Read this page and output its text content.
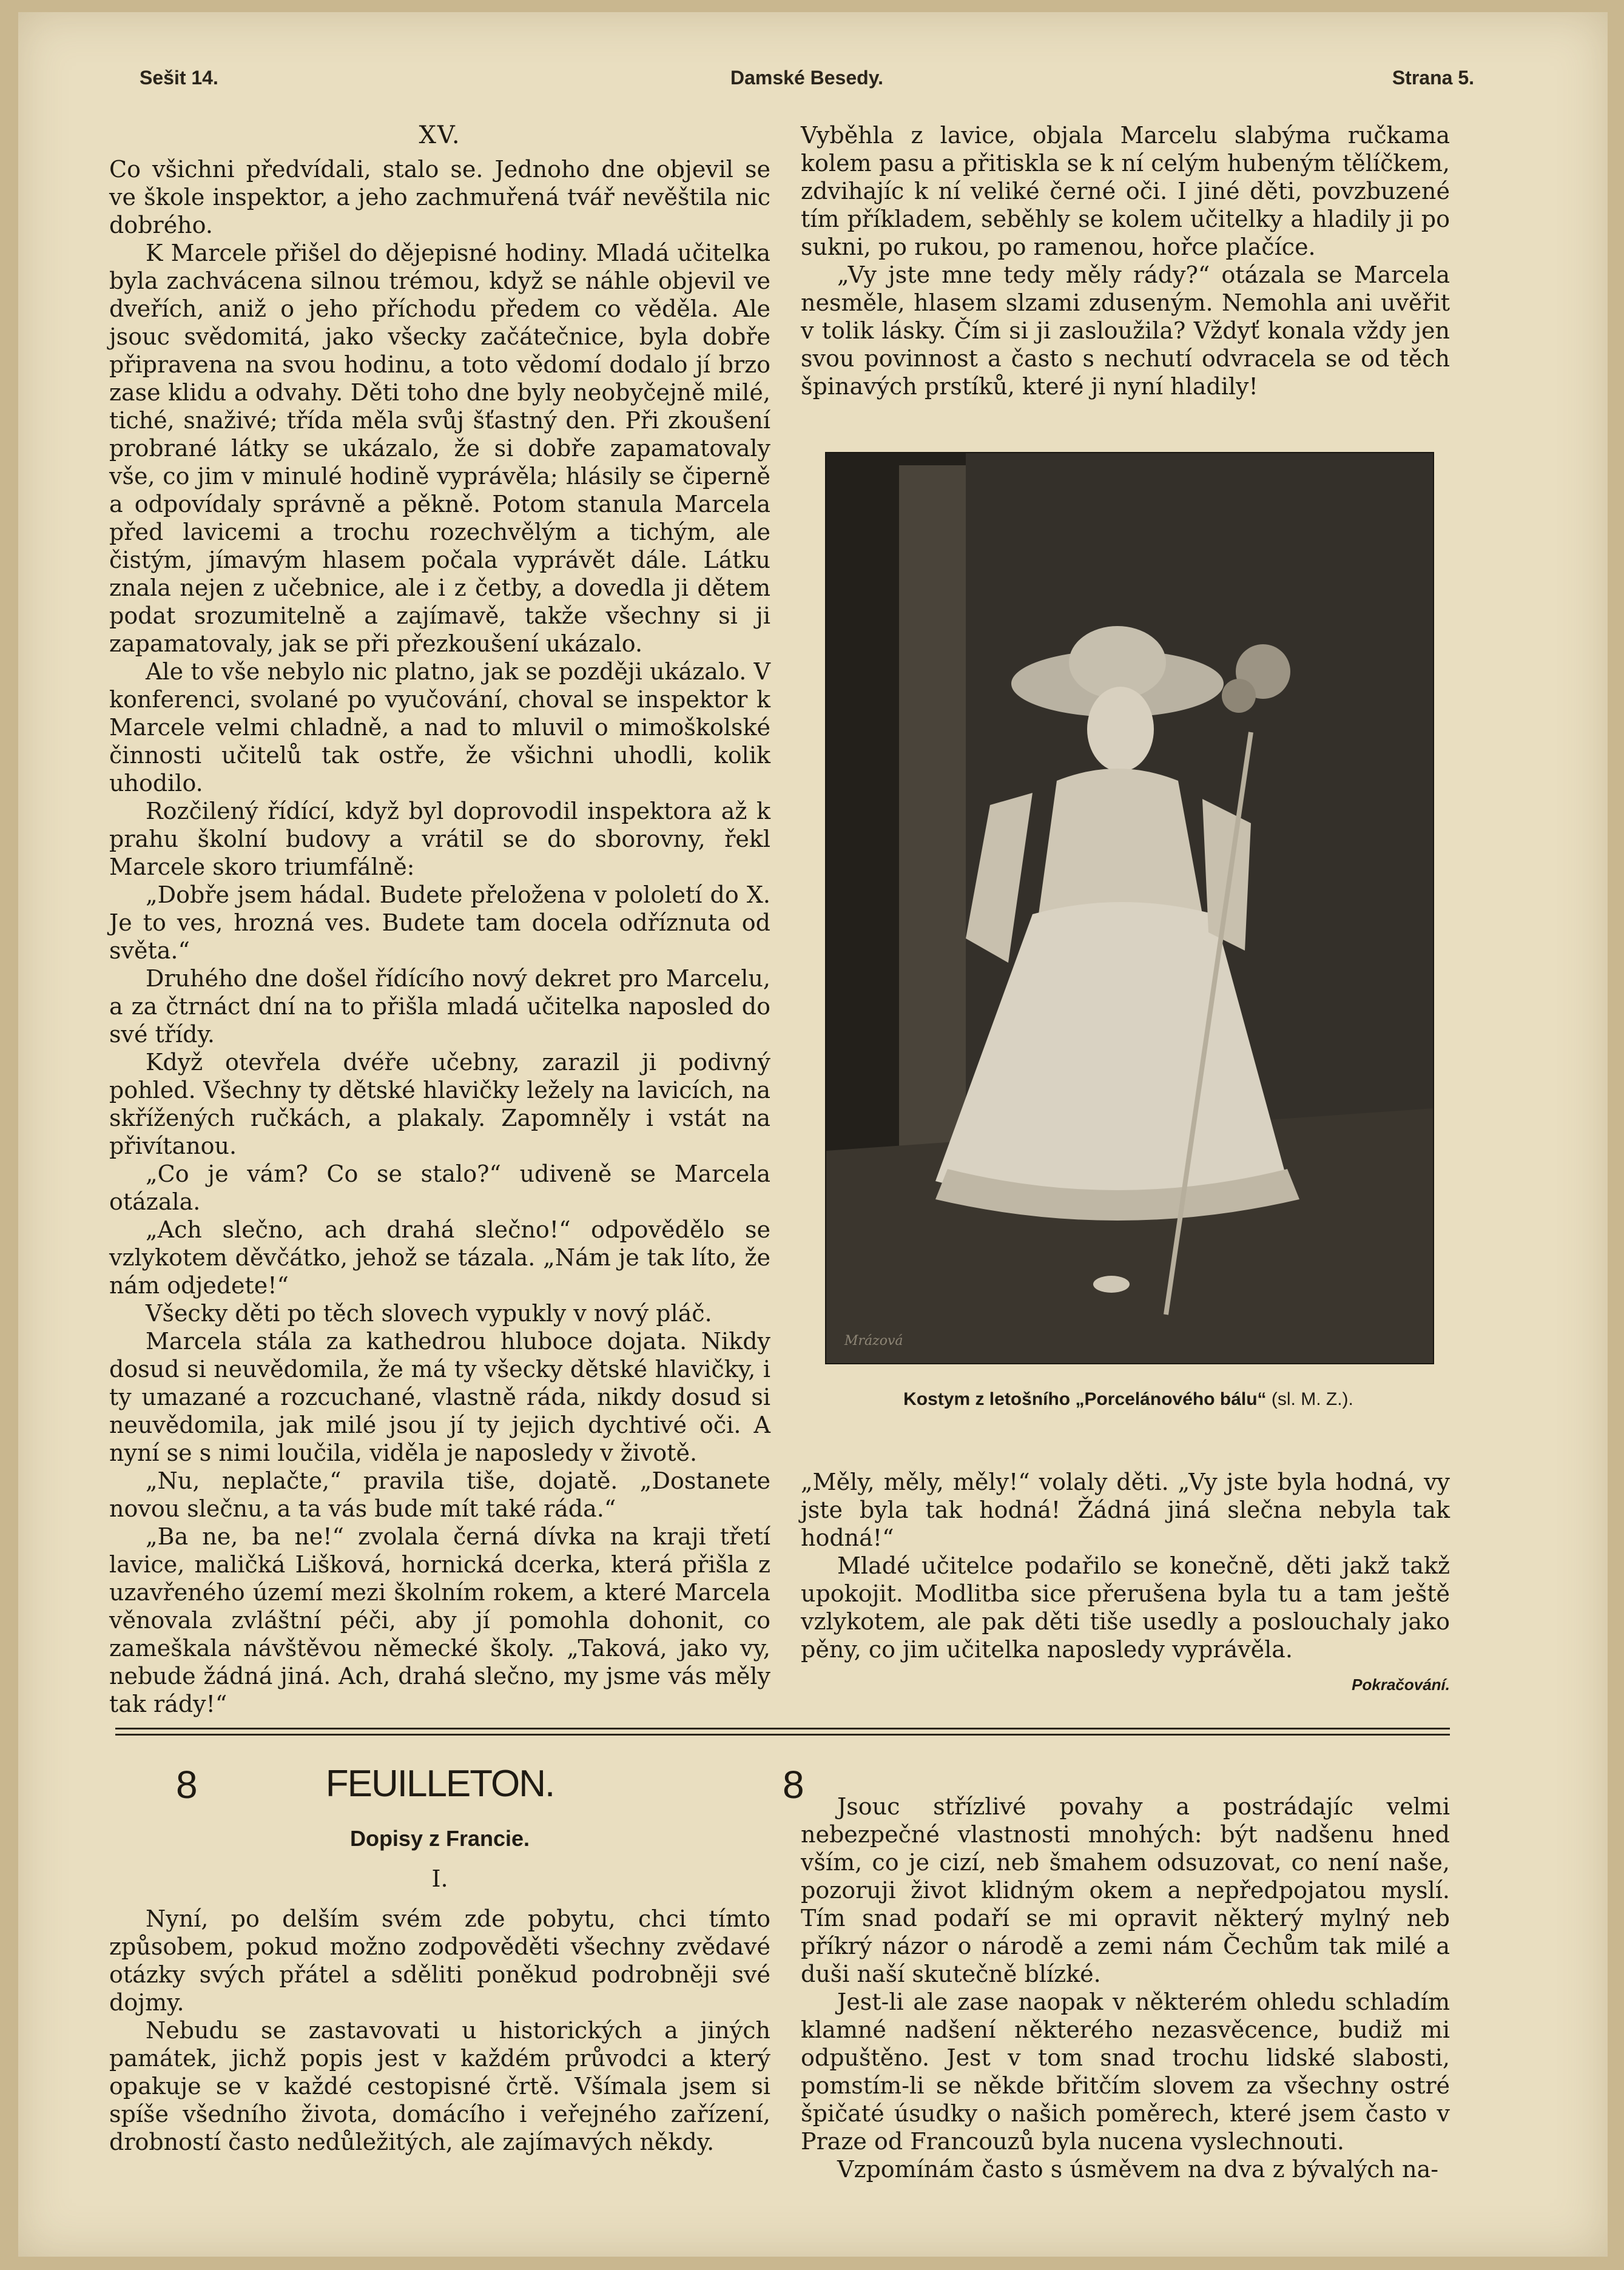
Sešit 14.	Damské Besedy.	Strana 5.
XV.

Co všichni předvídali, stalo se. Jednoho dne objevil se ve škole inspektor, a jeho zachmuřená tvář nevěštila nic dobrého.

K Marcele přišel do dějepisné hodiny. Mladá učitelka byla zachvácena silnou trémou, když se náhle objevil ve dveřích, aniž o jeho příchodu předem co věděla. Ale jsouc svědomitá, jako všecky začátečnice, byla dobře připravena na svou hodinu, a toto vědomí dodalo jí brzo zase klidu a odvahy. Děti toho dne byly neobyčejně milé, tiché, snaživé; třída měla svůj šťastný den. Při zkoušení probrané látky se ukázalo, že si dobře zapamatovaly vše, co jim v minulé hodině vyprávěla; hlásily se čiperně a odpovídaly správně a pěkně. Potom stanula Marcela před lavicemi a trochu rozechvělým a tichým, ale čistým, jímavým hlasem počala vyprávět dále. Látku znala nejen z učebnice, ale i z četby, a dovedla ji dětem podat srozumitelně a zajímavě, takže všechny si ji zapamatovaly, jak se při přezkoušení ukázalo.

Ale to vše nebylo nic platno, jak se později ukázalo. V konferenci, svolané po vyučování, choval se inspektor k Marcele velmi chladně, a nad to mluvil o mimoškolské činnosti učitelů tak ostře, že všichni uhodli, kolik uhodilo.

Rozčilený řídící, když byl doprovodil inspektora až k prahu školní budovy a vrátil se do sborovny, řekl Marcele skoro triumfálně:

„Dobře jsem hádal. Budete přeložena v pololetí do X. Je to ves, hrozná ves. Budete tam docela odříznuta od světa.“

Druhého dne došel řídícího nový dekret pro Marcelu, a za čtrnáct dní na to přišla mladá učitelka naposled do své třídy.

Když otevřela dvéře učebny, zarazil ji podivný pohled. Všechny ty dětské hlavičky ležely na lavicích, na skřížených ručkách, a plakaly. Zapomněly i vstát na přivítanou.

„Co je vám? Co se stalo?“ udiveně se Marcela otázala.

„Ach slečno, ach drahá slečno!“ odpovědělo se vzlykotem děvčátko, jehož se tázala. „Nám je tak líto, že nám odjedete!“

Všecky děti po těch slovech vypukly v nový pláč.

Marcela stála za kathedrou hluboce dojata. Nikdy dosud si neuvědomila, že má ty všecky dětské hlavičky, i ty umazané a rozcuchané, vlastně ráda, nikdy dosud si neuvědomila, jak milé jsou jí ty jejich dychtivé oči. A nyní se s nimi loučila, viděla je naposledy v životě.

„Nu, neplačte,“ pravila tiše, dojatě. „Dostanete novou slečnu, a ta vás bude mít také ráda.“

„Ba ne, ba ne!“ zvolala černá dívka na kraji třetí lavice, maličká Lišková, hornická dcerka, která přišla z uzavřeného území mezi školním rokem, a které Marcela věnovala zvláštní péči, aby jí pomohla dohonit, co zameškala návštěvou německé školy. „Taková, jako vy, nebude žádná jiná. Ach, drahá slečno, my jsme vás měly tak rády!“

Vyběhla z lavice, objala Marcelu slabýma ručkama kolem pasu a přitiskla se k ní celým hubeným tělíčkem, zdvihajíc k ní veliké černé oči. I jiné děti, povzbuzené tím příkladem, seběhly se kolem učitelky a hladily ji po sukni, po rukou, po ramenou, hořce plačíce.

„Vy jste mne tedy měly rády?“ otázala se Marcela nesměle, hlasem slzami zduseným. Nemohla ani uvěřit v tolik lásky. Čím si ji zasloužila? Vždyť konala vždy jen svou povinnost a často s nechutí odvracela se od těch špinavých prstíků, které ji nyní hladily!

Mrázová
Kostym z letošního „Porcelánového bálu“ (sl. M. Z.).

„Měly, měly, měly!“ volaly děti. „Vy jste byla hodná, vy jste byla tak hodná! Žádná jiná slečna nebyla tak hodná!“

Mladé učitelce podařilo se konečně, děti jakž takž upokojit. Modlitba sice přerušena byla tu a tam ještě vzlykotem, ale pak děti tiše usedly a poslouchaly jako pěny, co jim učitelka naposledy vyprávěla.

Pokračování.
8	FEUILLETON.	8
Dopisy z Francie.
I.

Nyní, po delším svém zde pobytu, chci tímto způsobem, pokud možno zodpověděti všechny zvědavé otázky svých přátel a sděliti poněkud podrobněji své dojmy.

Nebudu se zastavovati u historických a jiných památek, jichž popis jest v každém průvodci a který opakuje se v každé cestopisné črtě. Všímala jsem si spíše všedního života, domácího i veřejného zařízení, drobností často nedůležitých, ale zajímavých někdy.

Jsouc střízlivé povahy a postrádajíc velmi nebezpečné vlastnosti mnohých: být nadšenu hned vším, co je cizí, neb šmahem odsuzovat, co není naše, pozoruji život klidným okem a nepředpojatou myslí. Tím snad podaří se mi opravit některý mylný neb příkrý názor o národě a zemi nám Čechům tak milé a duši naší skutečně blízké.

Jest-li ale zase naopak v některém ohledu schladím klamné nadšení některého nezasvěcence, budiž mi odpuštěno. Jest v tom snad trochu lidské slabosti, pomstím-li se někde břitčím slovem za všechny ostré špičaté úsudky o našich poměrech, které jsem často v Praze od Francouzů byla nucena vyslechnouti.

Vzpomínám často s úsměvem na dva z bývalých na-
